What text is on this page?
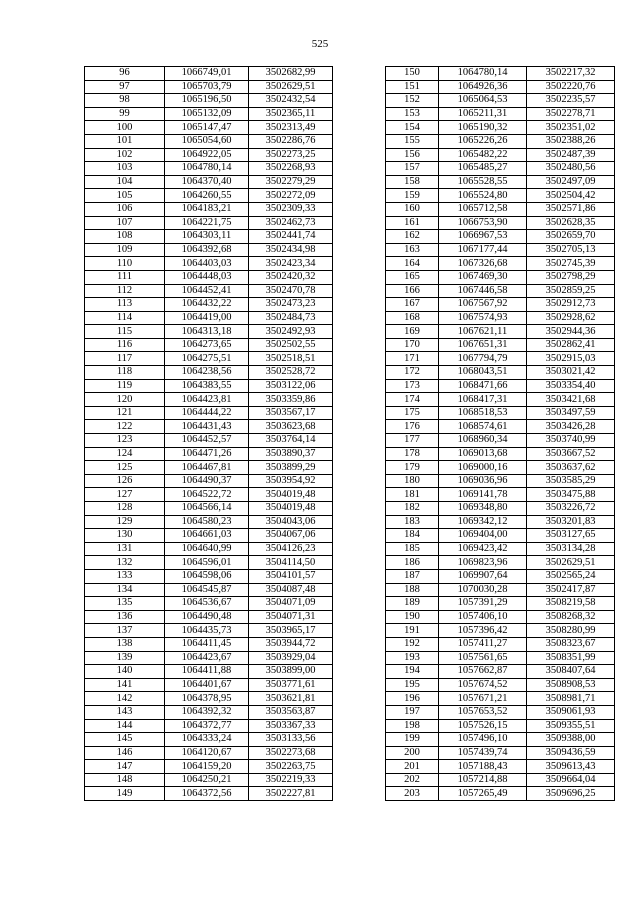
525
96	1066749,01	3502682,99
97	1065703,79	3502629,51
98	1065196,50	3502432,54
99	1065132,09	3502365,11
100	1065147,47	3502313,49
101	1065054,60	3502286,76
102	1064922,05	3502273,25
103	1064780,14	3502268,93
104	1064370,40	3502279,29
105	1064260,55	3502272,09
106	1064183,21	3502309,33
107	1064221,75	3502462,73
108	1064303,11	3502441,74
109	1064392,68	3502434,98
110	1064403,03	3502423,34
111	1064448,03	3502420,32
112	1064452,41	3502470,78
113	1064432,22	3502473,23
114	1064419,00	3502484,73
115	1064313,18	3502492,93
116	1064273,65	3502502,55
117	1064275,51	3502518,51
118	1064238,56	3502528,72
119	1064383,55	3503122,06
120	1064423,81	3503359,86
121	1064444,22	3503567,17
122	1064431,43	3503623,68
123	1064452,57	3503764,14
124	1064471,26	3503890,37
125	1064467,81	3503899,29
126	1064490,37	3503954,92
127	1064522,72	3504019,48
128	1064566,14	3504019,48
129	1064580,23	3504043,06
130	1064661,03	3504067,06
131	1064640,99	3504126,23
132	1064596,01	3504114,50
133	1064598,06	3504101,57
134	1064545,87	3504087,48
135	1064536,67	3504071,09
136	1064490,48	3504071,31
137	1064435,73	3503965,17
138	1064411,45	3503944,72
139	1064423,67	3503929,04
140	1064411,88	3503899,00
141	1064401,67	3503771,61
142	1064378,95	3503621,81
143	1064392,32	3503563,87
144	1064372,77	3503367,33
145	1064333,24	3503133,56
146	1064120,67	3502273,68
147	1064159,20	3502263,75
148	1064250,21	3502219,33
149	1064372,56	3502227,81
150	1064780,14	3502217,32
151	1064926,36	3502220,76
152	1065064,53	3502235,57
153	1065211,31	3502278,71
154	1065190,32	3502351,02
155	1065226,26	3502388,26
156	1065482,22	3502487,39
157	1065485,27	3502480,56
158	1065528,55	3502497,09
159	1065524,80	3502504,42
160	1065712,58	3502571,86
161	1066753,90	3502628,35
162	1066967,53	3502659,70
163	1067177,44	3502705,13
164	1067326,68	3502745,39
165	1067469,30	3502798,29
166	1067446,58	3502859,25
167	1067567,92	3502912,73
168	1067574,93	3502928,62
169	1067621,11	3502944,36
170	1067651,31	3502862,41
171	1067794,79	3502915,03
172	1068043,51	3503021,42
173	1068471,66	3503354,40
174	1068417,31	3503421,68
175	1068518,53	3503497,59
176	1068574,61	3503426,28
177	1068960,34	3503740,99
178	1069013,68	3503667,52
179	1069000,16	3503637,62
180	1069036,96	3503585,29
181	1069141,78	3503475,88
182	1069348,80	3503226,72
183	1069342,12	3503201,83
184	1069404,00	3503127,65
185	1069423,42	3503134,28
186	1069823,96	3502629,51
187	1069907,64	3502565,24
188	1070030,28	3502417,87
189	1057391,29	3508219,58
190	1057406,10	3508268,32
191	1057396,42	3508280,99
192	1057411,27	3508323,67
193	1057561,65	3508351,99
194	1057662,87	3508407,64
195	1057674,52	3508908,53
196	1057671,21	3508981,71
197	1057653,52	3509061,93
198	1057526,15	3509355,51
199	1057496,10	3509388,00
200	1057439,74	3509436,59
201	1057188,43	3509613,43
202	1057214,88	3509664,04
203	1057265,49	3509696,25
